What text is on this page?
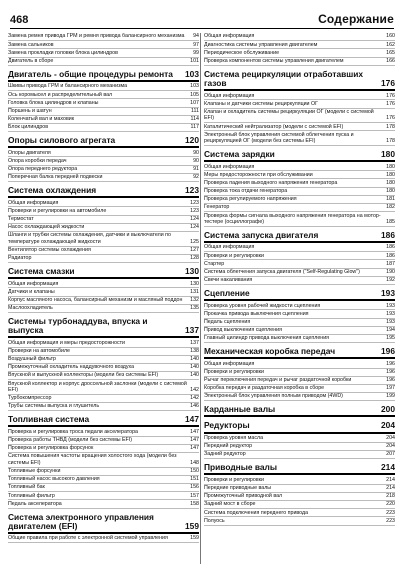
468	Содержание
Замена ремня привода ГРМ и ремня привода балансирного механизма	94
Замена сальников	97
Замена прокладки головки блока цилиндров	99
Двигатель в сборе	101
Двигатель - общие процедуры ремонта	103
Шкивы привода ГРМ и балансирного механизма	103
Ось коромысел и распределительный вал	105
Головка блока цилиндров и клапаны	107
Поршень и шатун	111
Коленчатый вал и маховик	114
Блок цилиндров	117
Опоры силового агрегата	120
Опоры двигателя	90
Опора коробки передач	90
Опора переднего редуктора	91
Поперечная балка передней подвески	92
Система охлаждения	123
Общая информация	123
Проверки и регулировки на автомобиле	123
Термостат	124
Насос охлаждающей жидкости	124
Шланги и трубки системы охлаждения, датчики и выключатели по температуре охлаждающей жидкости	125
Вентилятор системы охлаждения	127
Радиатор	128
Система смазки	130
Общая информация	130
Датчики и клапаны	131
Корпус масляного насоса, балансирный механизм и масляный поддон	132
Маслоохладитель	135
Системы турбонаддува, впуска и выпуска	137
Общая информация и меры предосторожности	137
Проверки на автомобиле	138
Воздушный фильтр	140
Промежуточный охладитель наддувочного воздуха	140
Впускной и выпускной коллекторы (модели без системы EFI)	140
Впускной коллектор и корпус дроссельной заслонки (модели с системой EFI)	142
Турбокомпрессор	142
Трубы системы выпуска и глушитель	146
Топливная система	147
Проверка и регулировка троса педали акселератора	147
Проверка работы ТНВД (модели без системы EFI)	147
Проверка и регулировка форсунок	147
Система повышения частоты вращения холостого хода (модели без системы EFI)	148
Топливные форсунки	150
Топливный насос высокого давления	151
Топливный бак	156
Топливный фильтр	157
Педаль акселератора	158
Система электронного управления двигателем (EFI)	159
Общие правила при работе с электронной системой управления	159
Общая информация	160
Диагностика системы управления двигателем	162
Периодическое обслуживание	165
Проверка компонентов системы управления двигателем	166
Система рециркуляции отработавших газов	176
Общая информация	176
Клапаны и датчики системы рециркуляции ОГ	176
Клапан и охладитель системы рециркуляции ОГ (модели с системой EFI)	176
Каталитический нейтрализатор (модели с системой EFI)	178
Электронный блок управления системой облегчения пуска и рециркуляцией ОГ (модели без системы EFI)	178
Система зарядки	180
Общая информация	180
Меры предосторожности при обслуживании	180
Проверка падения выходного напряжения генератора	180
Проверка тока отдачи генератора	180
Проверка регулируемого напряжения	181
Генератор	182
Проверка формы сигнала выходного напряжения генератора на мотор-тестере (осциллографе)	185
Система запуска двигателя	186
Общая информация	186
Проверки и регулировки	186
Стартер	187
Система облегчения запуска двигателя ("Self-Regulating Glow")	190
Свечи накаливания	192
Сцепление	193
Проверка уровня рабочей жидкости сцепления	193
Прокачка привода выключения сцепления	193
Педаль сцепления	193
Привод выключения сцепления	194
Главный цилиндр привода выключения сцепления	195
Механическая коробка передач	196
Общая информация	196
Проверки и регулировки	196
Рычаг переключения передач и рычаг раздаточной коробки	196
Коробка передач и раздаточная коробка в сборе	197
Электронный блок управления полным приводом (4WD)	199
Карданные валы	200
Редукторы	204
Проверка уровня масла	204
Передний редуктор	204
Задний редуктор	207
Приводные валы	214
Проверки и регулировки	214
Передние приводные валы	214
Промежуточный приводной вал	218
Задний мост в сборе	220
Система подключения переднего привода	223
Полуось	223
